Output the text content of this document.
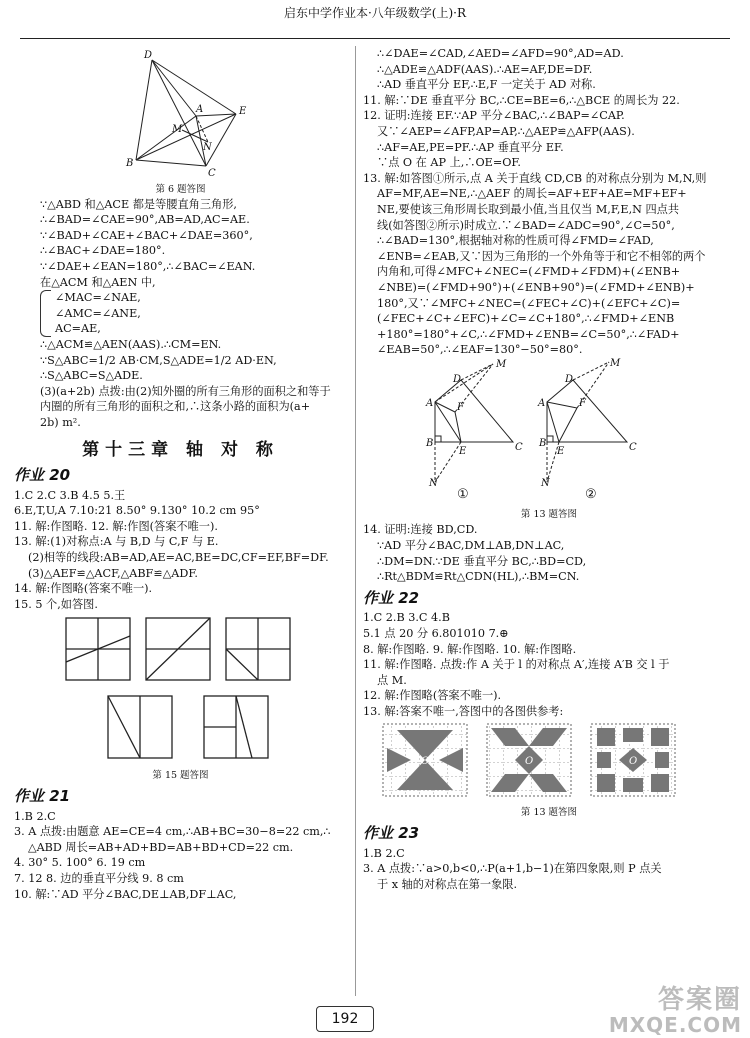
启东中学作业本·八年级数学(上)·R
D
A	E
M
N
B
C
第 6 题答图
∵△ABD 和△ACE 都是等腰直角三角形,
∴∠BAD=∠CAE=90°,AB=AD,AC=AE.
∵∠BAD+∠CAE+∠BAC+∠DAE=360°,
∴∠BAC+∠DAE=180°.
∵∠DAE+∠EAN=180°,∴∠BAC=∠EAN.
在△ACM 和△AEN 中,
∠MAC=∠NAE,
∠AMC=∠ANE,
AC=AE,
∴△ACM≌△AEN(AAS).∴CM=EN.
∵S△ABC=1/2 AB·CM,S△ADE=1/2 AD·EN,
∴S△ABC=S△ADE.
(3)(a+2b) 点拨:由(2)知外圈的所有三角形的面积之和等于
内圈的所有三角形的面积之和,∴这条小路的面积为(a+
2b) m².
第十三章 轴 对 称
作业 20
1.C 2.C 3.B 4.5 5.王
6.E,T,U,A 7.10:21 8.50° 9.130° 10.2 cm 95°
11. 解:作图略. 12. 解:作图(答案不唯一).
13. 解:(1)对称点:A 与 B,D 与 C,F 与 E.
(2)相等的线段:AB=AD,AE=AC,BE=DC,CF=EF,BF=DF.
(3)△AEF≌△ACF,△ABF≌△ADF.
14. 解:作图略(答案不唯一).
15. 5 个,如答图.
第 15 题答图
作业 21
1.B 2.C
3. A 点拨:由题意 AE=CE=4 cm,∴AB+BC=30−8=22 cm,∴
△ABD 周长=AB+AD+BD=AB+BD+CD=22 cm.
4. 30° 5. 100° 6. 19 cm
7. 12 8. 边的垂直平分线 9. 8 cm
10. 解:∵AD 平分∠BAC,DE⊥AB,DF⊥AC,
∴∠DAE=∠CAD,∠AED=∠AFD=90°,AD=AD.
∴△ADE≌△ADF(AAS).∴AE=AF,DE=DF.
∴AD 垂直平分 EF,∴E,F 一定关于 AD 对称.
11. 解:∵DE 垂直平分 BC,∴CE=BE=6,∴△BCE 的周长为 22.
12. 证明:连接 EF.∵AP 平分∠BAC,∴∠BAP=∠CAP.
又∵∠AEP=∠AFP,AP=AP,∴△AEP≌△AFP(AAS).
∴AF=AE,PE=PF.∴AP 垂直平分 EF.
∵点 O 在 AP 上,∴OE=OF.
13. 解:如答图①所示,点 A 关于直线 CD,CB 的对称点分别为 M,N,则
AF=MF,AE=NE,∴△AEF 的周长=AF+EF+AE=MF+EF+
NE,要使该三角形周长取到最小值,当且仅当 M,F,E,N 四点共
线(如答图②所示)时成立.∵∠BAD=∠ADC=90°,∠C=50°,
∴∠BAD=130°,根据轴对称的性质可得∠FMD=∠FAD,
∠ENB=∠EAB,又∵因为三角形的一个外角等于和它不相邻的两个
内角和,可得∠MFC+∠NEC=(∠FMD+∠FDM)+(∠ENB+
∠NBE)=(∠FMD+90°)+(∠ENB+90°)=(∠FMD+∠ENB)+
180°,又∵∠MFC+∠NEC=(∠FEC+∠C)+(∠EFC+∠C)=
(∠FEC+∠C+∠EFC)+∠C=∠C+180°,∴∠FMD+∠ENB
+180°=180°+∠C,∴∠FMD+∠ENB=∠C=50°,∴∠FAD+
∠EAB=50°,∴∠EAF=130°−50°=80°.
M
D
F
A
B
E	C
N
M
D
F
A
B
E	C
N
①	②
第 13 题答图
14. 证明:连接 BD,CD.
∵AD 平分∠BAC,DM⊥AB,DN⊥AC,
∴DM=DN.∵DE 垂直平分 BC,∴BD=CD,
∴Rt△BDM≌Rt△CDN(HL),∴BM=CN.
作业 22
1.C 2.B 3.C 4.B
5.1 点 20 分 6.801010 7.⊕
8. 解:作图略. 9. 解:作图略. 10. 解:作图略.
11. 解:作图略. 点拨:作 A 关于 l 的对称点 A′,连接 A′B 交 l 于
点 M.
12. 解:作图略(答案不唯一).
13. 解:答案不唯一,答图中的各图供参考:
O	O	O
第 13 题答图
作业 23
1.B 2.C
3. A 点拨:∵a>0,b<0,∴P(a+1,b−1)在第四象限,则 P 点关
于 x 轴的对称点在第一象限.
192
答案圈
MXQE.COM
